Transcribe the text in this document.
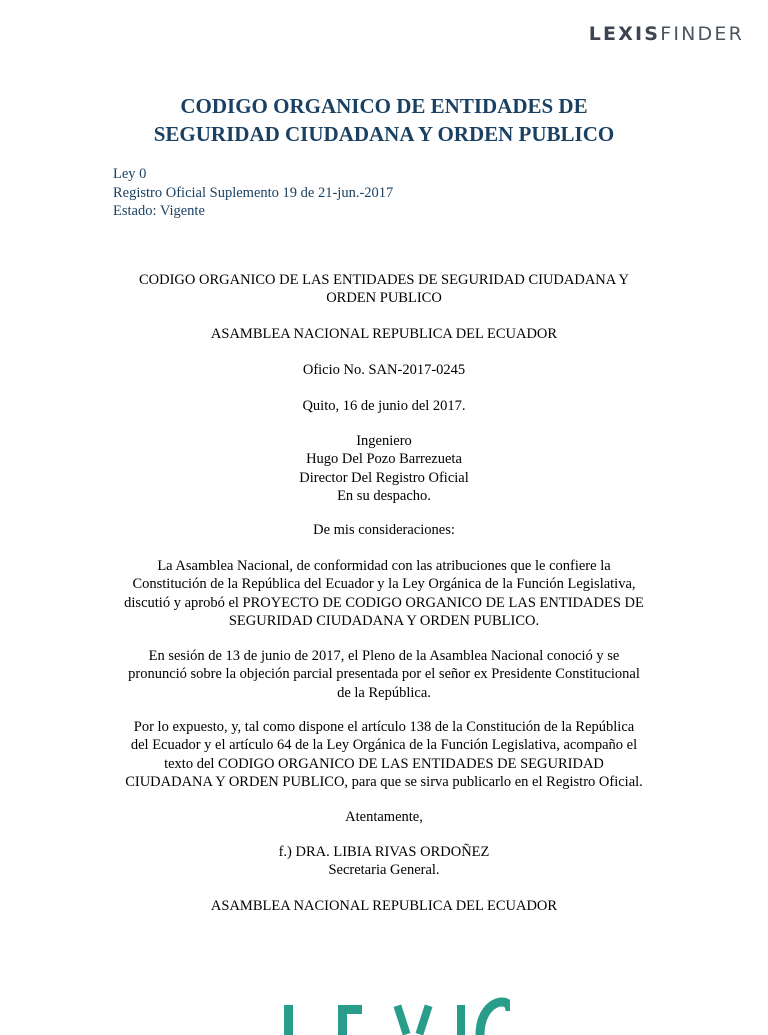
LEXISFINDER
CODIGO ORGANICO DE ENTIDADES DE
SEGURIDAD CIUDADANA Y ORDEN PUBLICO
Ley 0
Registro Oficial Suplemento 19 de 21-jun.-2017
Estado: Vigente

CODIGO ORGANICO DE LAS ENTIDADES DE SEGURIDAD CIUDADANA Y

ORDEN PUBLICO

ASAMBLEA NACIONAL REPUBLICA DEL ECUADOR

Oficio No. SAN-2017-0245

Quito, 16 de junio del 2017.

Ingeniero

Hugo Del Pozo Barrezueta

Director Del Registro Oficial

En su despacho.

De mis consideraciones:

La Asamblea Nacional, de conformidad con las atribuciones que le confiere la

Constitución de la República del Ecuador y la Ley Orgánica de la Función Legislativa,

discutió y aprobó el PROYECTO DE CODIGO ORGANICO DE LAS ENTIDADES DE

SEGURIDAD CIUDADANA Y ORDEN PUBLICO.

En sesión de 13 de junio de 2017, el Pleno de la Asamblea Nacional conoció y se

pronunció sobre la objeción parcial presentada por el señor ex Presidente Constitucional

de la República.

Por lo expuesto, y, tal como dispone el artículo 138 de la Constitución de la República

del Ecuador y el artículo 64 de la Ley Orgánica de la Función Legislativa, acompaño el

texto del CODIGO ORGANICO DE LAS ENTIDADES DE SEGURIDAD

CIUDADANA Y ORDEN PUBLICO, para que se sirva publicarlo en el Registro Oficial.

Atentamente,

f.) DRA. LIBIA RIVAS ORDOÑEZ

Secretaria General.

ASAMBLEA NACIONAL REPUBLICA DEL ECUADOR
